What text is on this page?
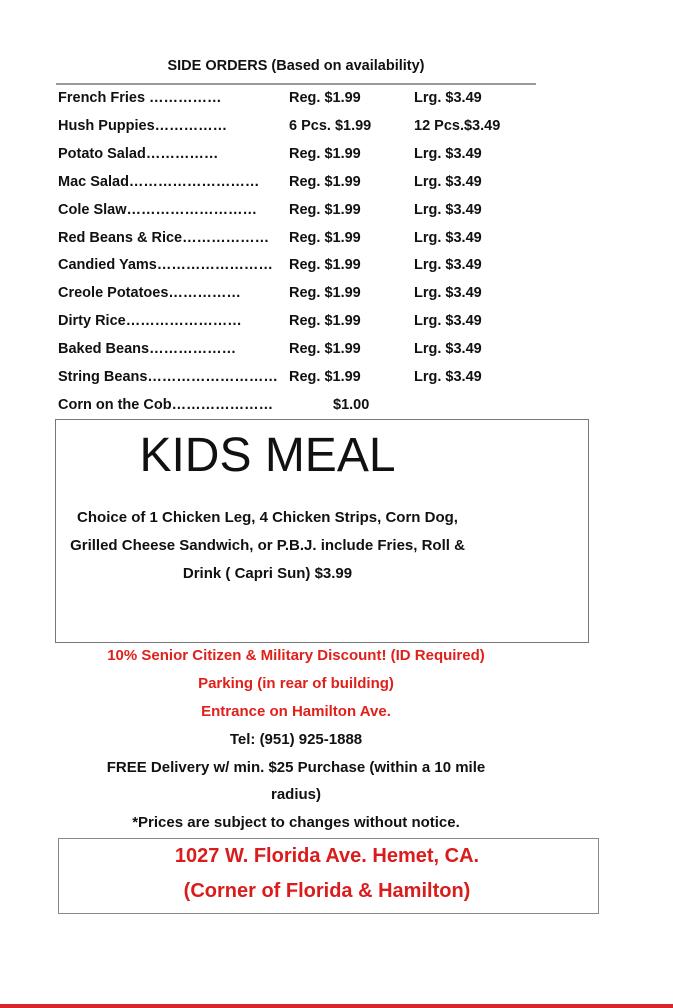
SIDE ORDERS (Based on availability)
French Fries ……………	Reg. $1.99	Lrg. $3.49
Hush Puppies……………	6 Pcs. $1.99	12 Pcs.$3.49
Potato Salad……………	Reg. $1.99	Lrg. $3.49
Mac Salad……………………… Reg. $1.99	Lrg. $3.49
Cole Slaw……………………… Reg. $1.99	Lrg. $3.49
Red Beans & Rice……………… Reg. $1.99	Lrg. $3.49
Candied Yams…………………… Reg. $1.99	Lrg. $3.49
Creole Potatoes……………	Reg. $1.99	Lrg. $3.49
Dirty Rice……………………	Reg. $1.99	Lrg. $3.49
Baked Beans………………	Reg. $1.99	Lrg. $3.49
String Beans……………………… Reg. $1.99	Lrg. $3.49
Corn on the Cob…………………	$1.00
KIDS MEAL
Choice of 1 Chicken Leg, 4 Chicken Strips, Corn Dog, Grilled Cheese Sandwich, or P.B.J. include Fries, Roll & Drink ( Capri Sun) $3.99
10% Senior Citizen & Military Discount! (ID Required)
Parking (in rear of building)
Entrance on Hamilton Ave.
Tel: (951) 925-1888
FREE Delivery w/ min. $25 Purchase (within a 10 mile
radius)
*Prices are subject to changes without notice.
1027 W. Florida Ave. Hemet, CA.
(Corner of Florida & Hamilton)
